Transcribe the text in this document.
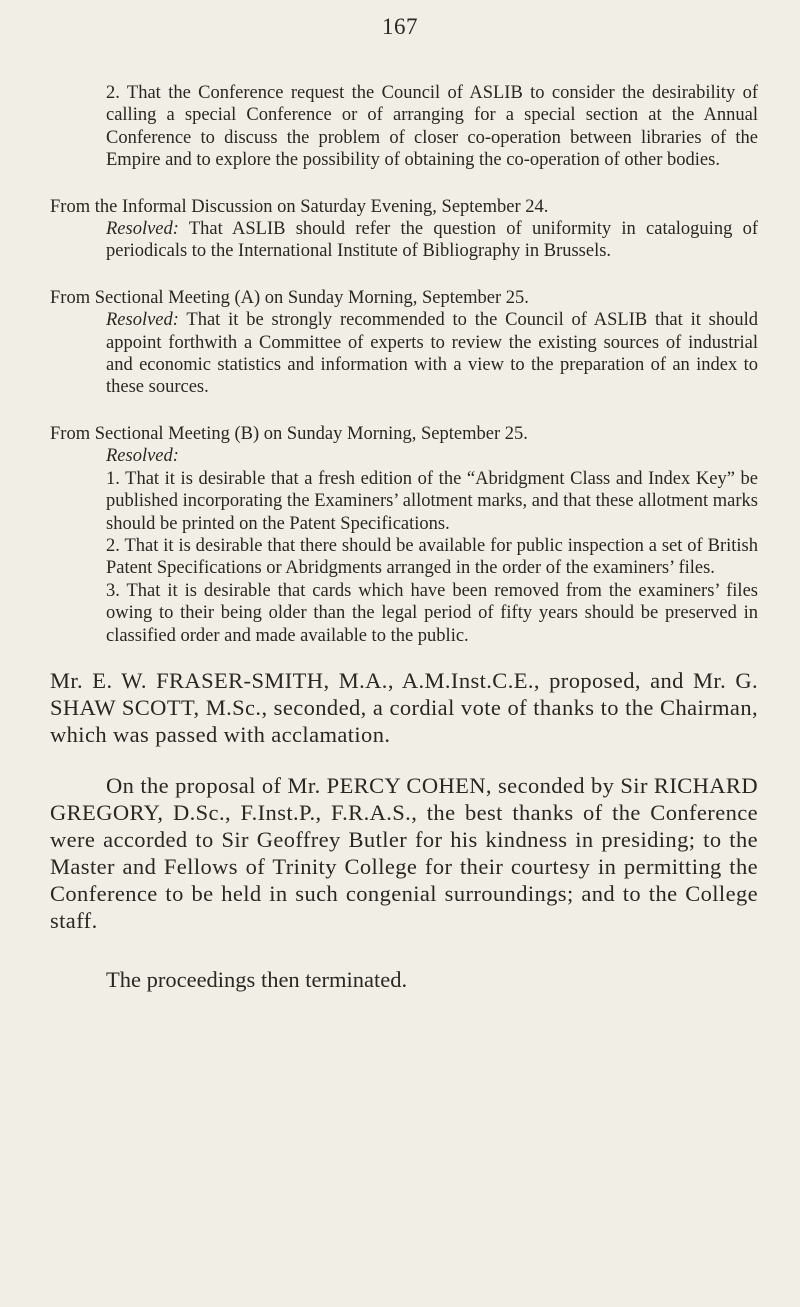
167

2. That the Conference request the Council of ASLIB to consider the desirability of calling a special Conference or of arranging for a special section at the Annual Conference to discuss the problem of closer co-operation between libraries of the Empire and to explore the possibility of obtaining the co-operation of other bodies.

From the Informal Discussion on Saturday Evening, September 24.

Resolved: That ASLIB should refer the question of uniformity in cataloguing of periodicals to the International Institute of Bibliography in Brussels.

From Sectional Meeting (A) on Sunday Morning, September 25.

Resolved: That it be strongly recommended to the Council of ASLIB that it should appoint forthwith a Committee of experts to review the existing sources of industrial and economic statistics and information with a view to the preparation of an index to these sources.

From Sectional Meeting (B) on Sunday Morning, September 25.

Resolved:

1. That it is desirable that a fresh edition of the “Abridgment Class and Index Key” be published incorporating the Examiners’ allotment marks, and that these allotment marks should be printed on the Patent Specifications.

2. That it is desirable that there should be available for public inspection a set of British Patent Specifications or Abridgments arranged in the order of the examiners’ files.

3. That it is desirable that cards which have been removed from the examiners’ files owing to their being older than the legal period of fifty years should be preserved in classified order and made available to the public.

Mr. E. W. FRASER-SMITH, M.A., A.M.Inst.C.E., proposed, and Mr. G. SHAW SCOTT, M.Sc., seconded, a cordial vote of thanks to the Chairman, which was passed with acclamation.

On the proposal of Mr. PERCY COHEN, seconded by Sir RICHARD GREGORY, D.Sc., F.Inst.P., F.R.A.S., the best thanks of the Conference were accorded to Sir Geoffrey Butler for his kindness in presiding; to the Master and Fellows of Trinity College for their courtesy in permitting the Conference to be held in such congenial surroundings; and to the College staff.

The proceedings then terminated.
